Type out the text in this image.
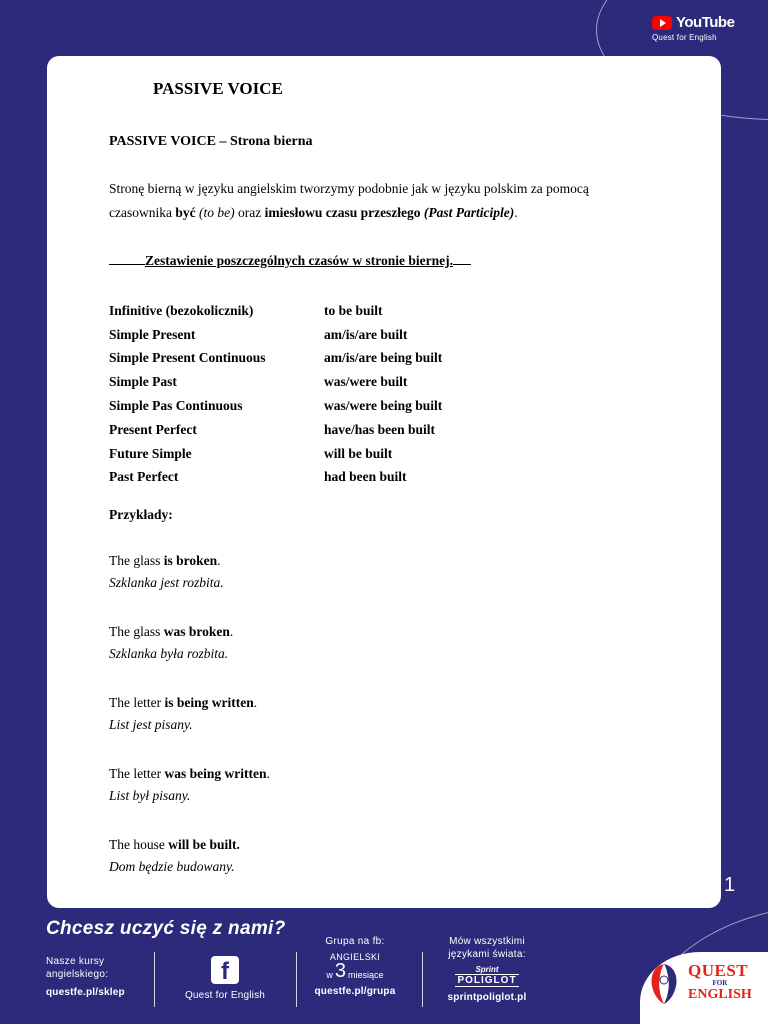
YouTube
Quest for English
PASSIVE VOICE
PASSIVE VOICE – Strona bierna
Stronę bierną w języku angielskim tworzymy podobnie jak w języku polskim za pomocą
czasownika być (to be) oraz imiesłowu czasu przeszłego (Past Participle).
Zestawienie poszczególnych czasów w stronie biernej.
Infinitive (bezokolicznik)	to be built
Simple Present	am/is/are built
Simple Present Continuous	am/is/are being built
Simple Past	was/were built
Simple Pas Continuous	was/were being built
Present Perfect	have/has been built
Future Simple	will be built
Past Perfect	had been built
Przykłady:
The glass is broken.
Szklanka jest rozbita.
The glass was broken.
Szklanka była rozbita.
The letter is being written.
List jest pisany.
The letter was being written.
List był pisany.
The house will be built.
Dom będzie budowany.
1
Chcesz uczyć się z nami?
Nasze kursy
angielskiego:
questfe.pl/sklep
f
Quest for English
Grupa na fb:
ANGIELSKI
w 3 miesiące
questfe.pl/grupa
Mów wszystkimi
językami świata:
Sprint
POLIGLOT
sprintpoliglot.pl
QUEST
FOR
ENGLISH
